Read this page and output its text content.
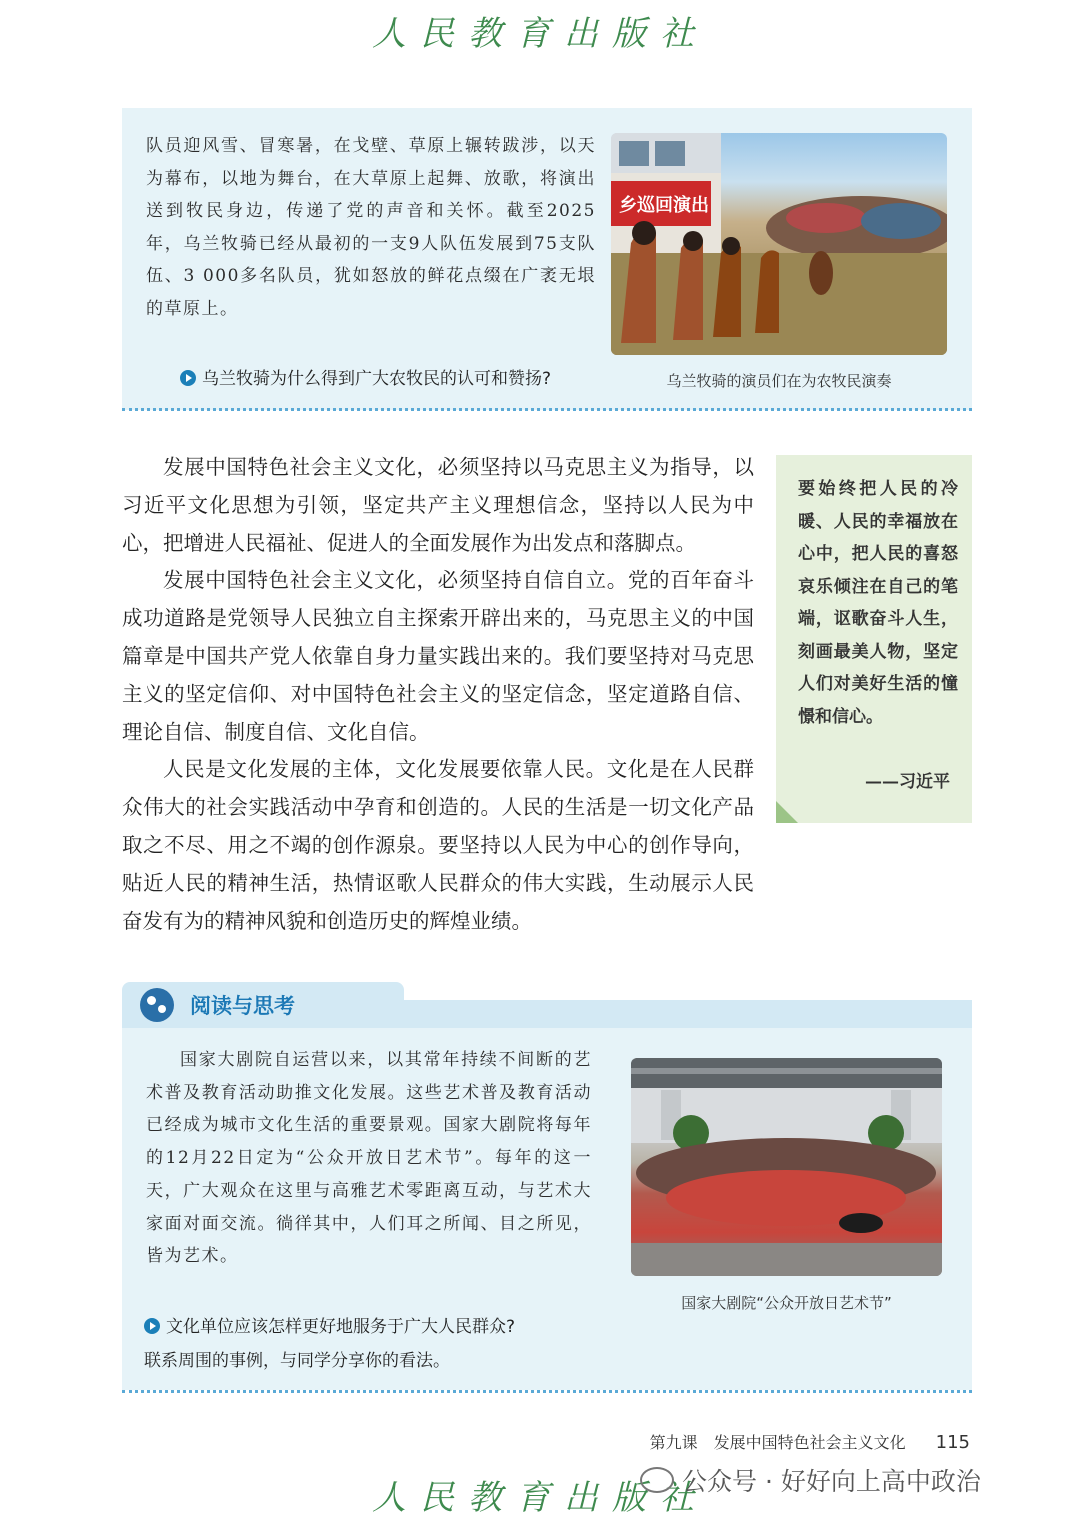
人民教育出版社
队员迎风雪、冒寒暑，在戈壁、草原上辗转跋涉，以天为幕布，以地为舞台，在大草原上起舞、放歌，将演出送到牧民身边，传递了党的声音和关怀。截至2025年，乌兰牧骑已经从最初的一支9人队伍发展到75支队伍、3 000多名队员，犹如怒放的鲜花点缀在广袤无垠的草原上。
乡巡回演出
乌兰牧骑为什么得到广大农牧民的认可和赞扬?	乌兰牧骑的演员们在为农牧民演奏

发展中国特色社会主义文化，必须坚持以马克思主义为指导，以习近平文化思想为引领，坚定共产主义理想信念，坚持以人民为中心，把增进人民福祉、促进人的全面发展作为出发点和落脚点。

发展中国特色社会主义文化，必须坚持自信自立。党的百年奋斗成功道路是党领导人民独立自主探索开辟出来的，马克思主义的中国篇章是中国共产党人依靠自身力量实践出来的。我们要坚持对马克思主义的坚定信仰、对中国特色社会主义的坚定信念，坚定道路自信、理论自信、制度自信、文化自信。

人民是文化发展的主体，文化发展要依靠人民。文化是在人民群众伟大的社会实践活动中孕育和创造的。人民的生活是一切文化产品取之不尽、用之不竭的创作源泉。要坚持以人民为中心的创作导向，贴近人民的精神生活，热情讴歌人民群众的伟大实践，生动展示人民奋发有为的精神风貌和创造历史的辉煌业绩。

要始终把人民的冷暖、人民的幸福放在心中，把人民的喜怒哀乐倾注在自己的笔端，讴歌奋斗人生，刻画最美人物，坚定人们对美好生活的憧憬和信心。
——习近平
阅读与思考

国家大剧院自运营以来，以其常年持续不间断的艺术普及教育活动助推文化发展。这些艺术普及教育活动已经成为城市文化生活的重要景观。国家大剧院将每年的12月22日定为“公众开放日艺术节”。每年的这一天，广大观众在这里与高雅艺术零距离互动，与艺术大家面对面交流。徜徉其中，人们耳之所闻、目之所见，皆为艺术。

国家大剧院“公众开放日艺术节”
文化单位应该怎样更好地服务于广大人民群众?
联系周围的事例，与同学分享你的看法。
第九课　发展中国特色社会主义文化 115
人民教育出版社
公众号 · 好好向上高中政治
